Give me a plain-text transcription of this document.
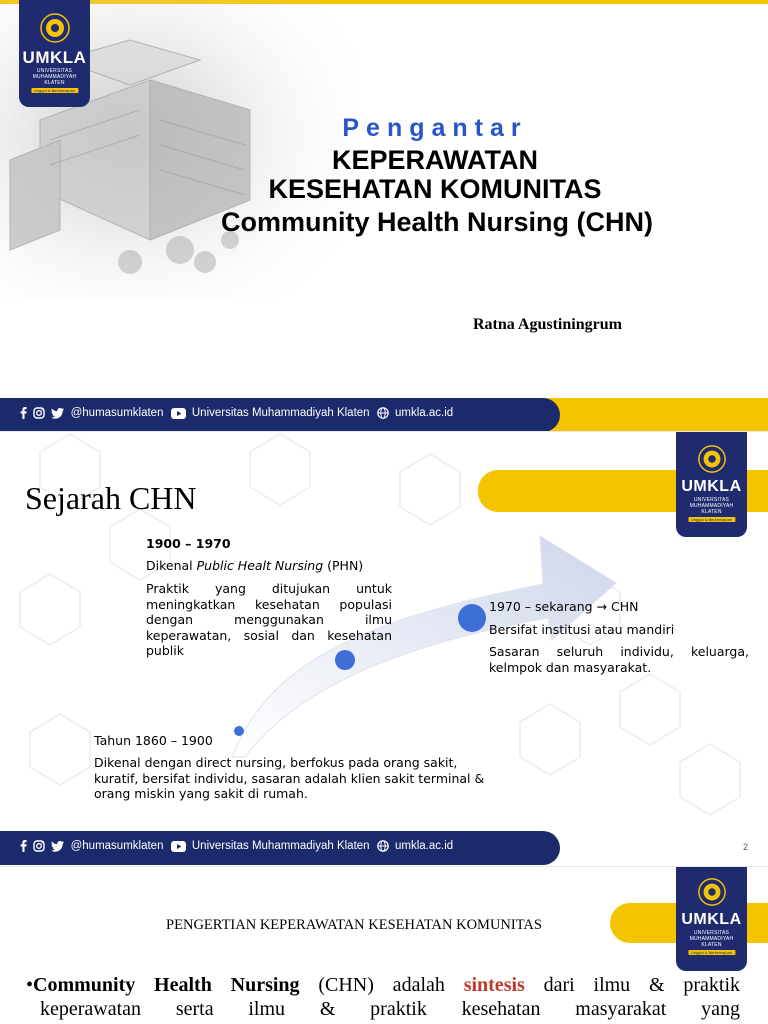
UMKLA
UNIVERSITAS
MUHAMMADIYAH
KLATEN
Unggul & Berkemajuan
Pengantar
KEPERAWATAN
KESEHATAN KOMUNITAS
Community Health Nursing (CHN)
Ratna Agustiningrum
@humasumklaten Universitas Muhammadiyah Klaten umkla.ac.id
UMKLA
UNIVERSITAS
MUHAMMADIYAH
KLATEN
Unggul & Berkemajuan
Sejarah CHN
1900 – 1970
Dikenal Public Healt Nursing (PHN)
Praktik yang ditujukan untuk
meningkatkan kesehatan populasi
dengan menggunakan ilmu
keperawatan, sosial dan kesehatan
publik
1970 – sekarang → CHN
Bersifat institusi atau mandiri
Sasaran seluruh individu, keluarga,
kelmpok dan masyarakat.
Tahun 1860 – 1900
Dikenal dengan direct nursing, berfokus pada orang sakit,
kuratif, bersifat individu, sasaran adalah klien sakit terminal &
orang miskin yang sakit di rumah.
@humasumklaten Universitas Muhammadiyah Klaten umkla.ac.id	2
UMKLA
UNIVERSITAS
MUHAMMADIYAH
KLATEN
Unggul & Berkemajuan
PENGERTIAN KEPERAWATAN KESEHATAN KOMUNITAS
•Community Health Nursing (CHN) adalah sintesis dari ilmu & praktik
keperawatan serta ilmu & praktik kesehatan masyarakat yang
